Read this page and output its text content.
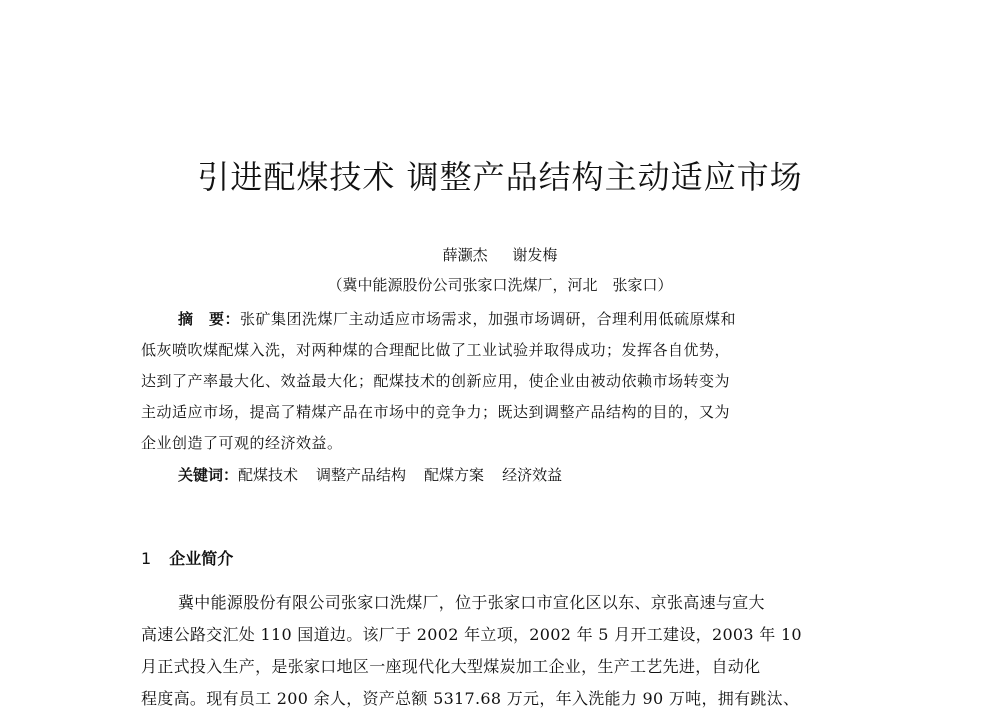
引进配煤技术 调整产品结构主动适应市场
薛灏杰 谢发梅
（冀中能源股份公司张家口洗煤厂，河北　张家口）
摘　要：张矿集团洗煤厂主动适应市场需求，加强市场调研，合理利用低硫原煤和
低灰喷吹煤配煤入洗，对两种煤的合理配比做了工业试验并取得成功；发挥各自优势，
达到了产率最大化、效益最大化；配煤技术的创新应用，使企业由被动依赖市场转变为
主动适应市场，提高了精煤产品在市场中的竞争力；既达到调整产品结构的目的，又为
企业创造了可观的经济效益。
关键词：配煤技术 调整产品结构 配煤方案 经济效益
1 企业简介
冀中能源股份有限公司张家口洗煤厂，位于张家口市宣化区以东、京张高速与宣大
高速公路交汇处 110 国道边。该厂于 2002 年立项，2002 年 5 月开工建设，2003 年 10
月正式投入生产，是张家口地区一座现代化大型煤炭加工企业，生产工艺先进，自动化
程度高。现有员工 200 余人，资产总额 5317.68 万元，年入洗能力 90 万吨，拥有跳汰、
